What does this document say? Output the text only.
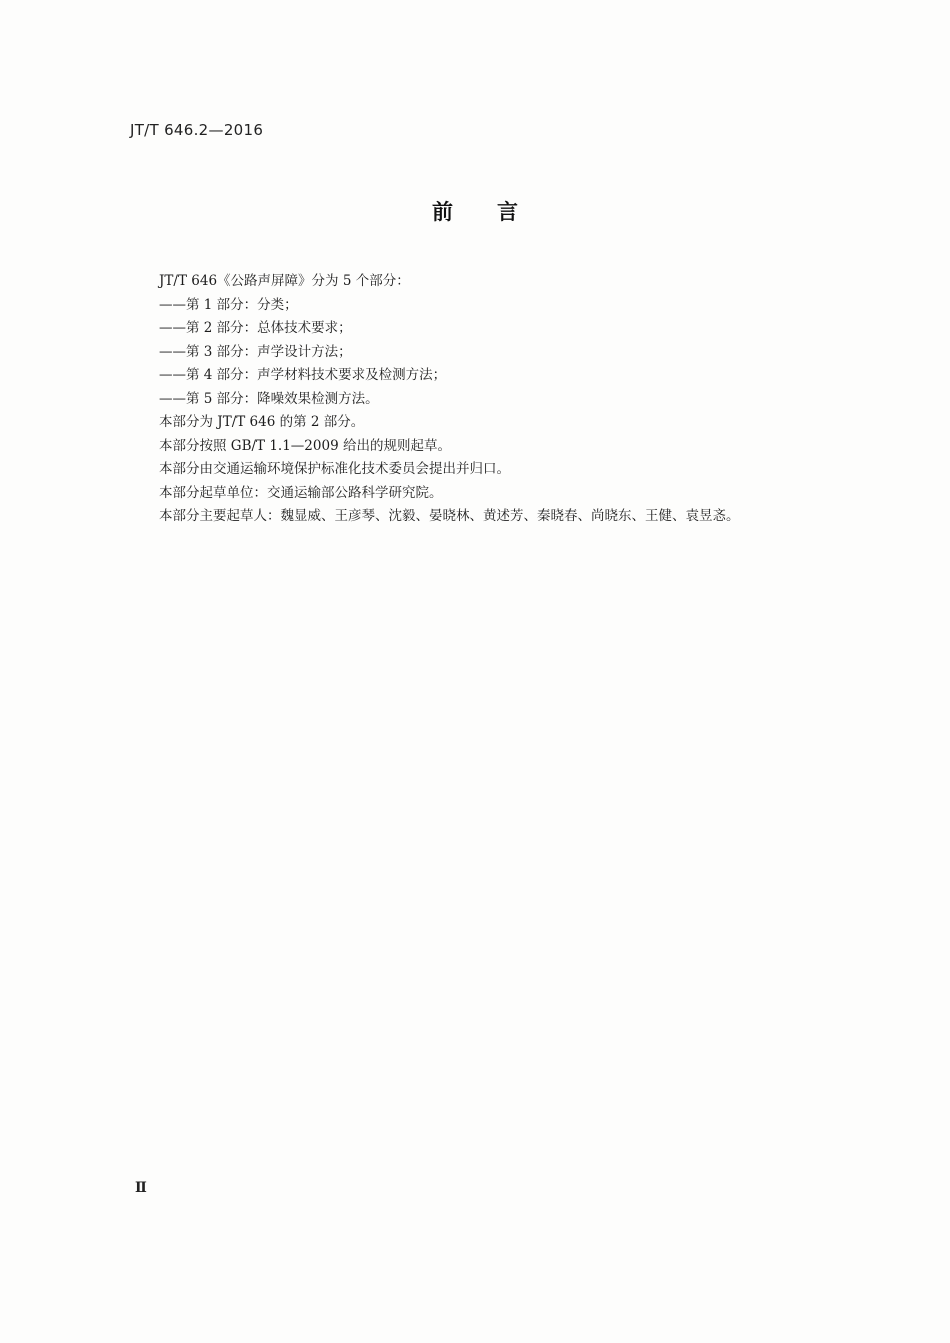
JT/T 646.2—2016
前 言
JT/T 646《公路声屏障》分为 5 个部分：
——第 1 部分：分类；
——第 2 部分：总体技术要求；
——第 3 部分：声学设计方法；
——第 4 部分：声学材料技术要求及检测方法；
——第 5 部分：降噪效果检测方法。
本部分为 JT/T 646 的第 2 部分。
本部分按照 GB/T 1.1—2009 给出的规则起草。
本部分由交通运输环境保护标准化技术委员会提出并归口。
本部分起草单位：交通运输部公路科学研究院。
本部分主要起草人：魏显威、王彦琴、沈毅、晏晓林、黄述芳、秦晓春、尚晓东、王健、袁昱忞。
Ⅱ
